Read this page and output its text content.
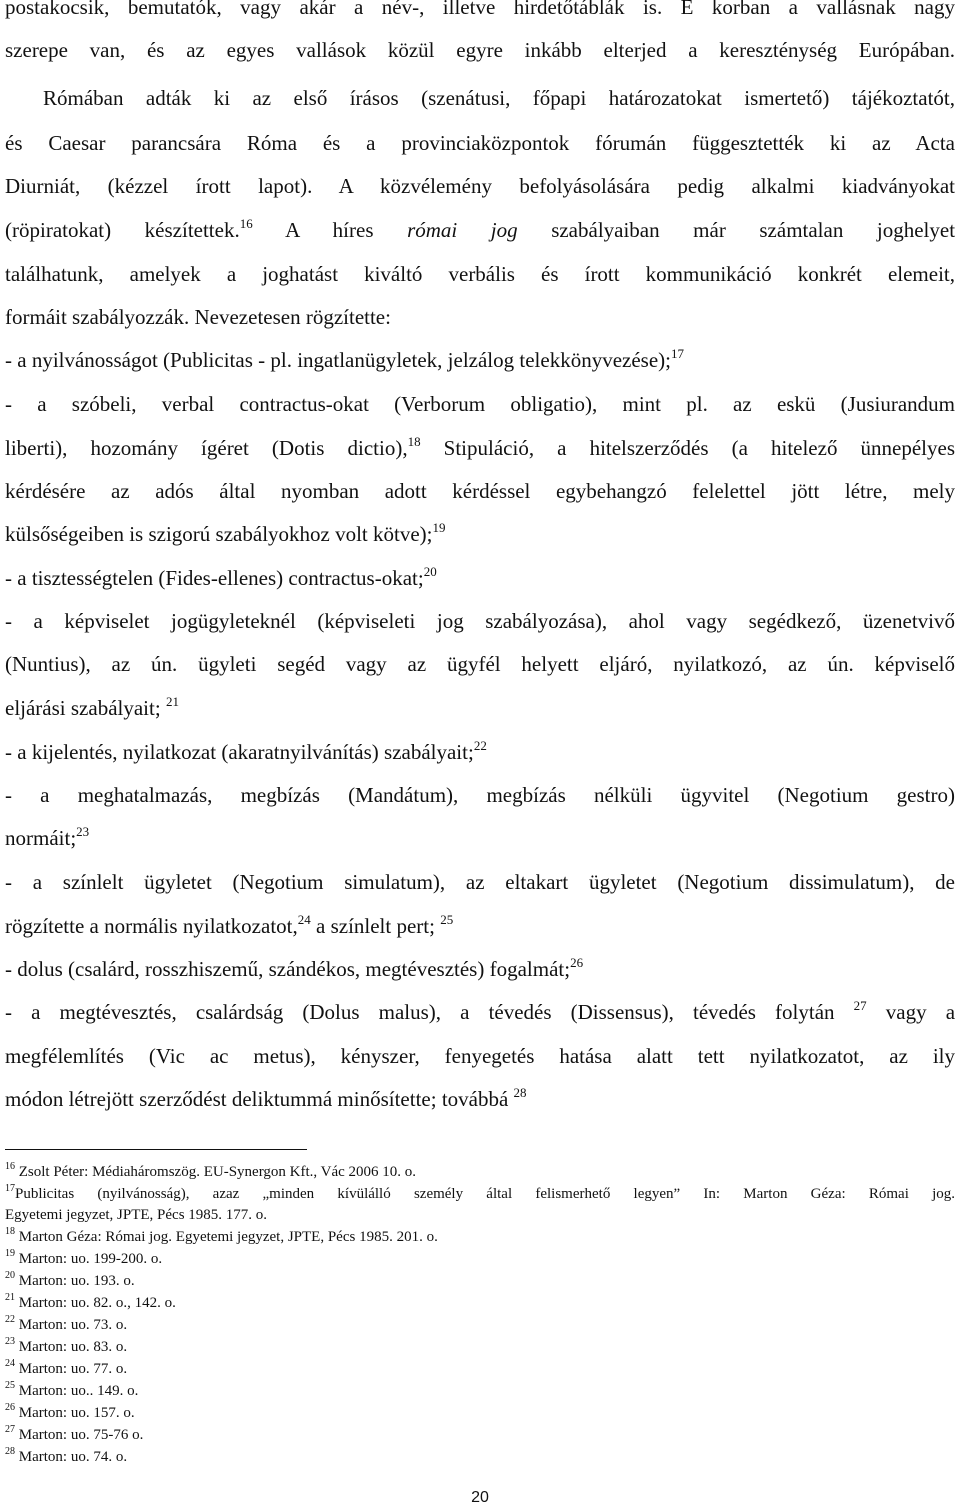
postakocsik, bemutatók, vagy akár a név-, illetve hirdetőtáblák is. E korban a vallásnak nagy

szerepe van, és az egyes vallások közül egyre inkább elterjed a kereszténység Európában.

Rómában adták ki az első írásos (szenátusi, főpapi határozatokat ismertető) tájékoztatót,

és Caesar parancsára Róma és a provinciaközpontok fórumán függesztették ki az Acta

Diurniát, (kézzel írott lapot). A közvélemény befolyásolására pedig alkalmi kiadványokat

(röpiratokat) készítettek.$^{16}$ A híres római jog szabályaiban már számtalan joghelyet

találhatunk, amelyek a joghatást kiváltó verbális és írott kommunikáció konkrét elemeit,

formáit szabályozzák. Nevezetesen rögzítette:

- a nyilvánosságot (Publicitas - pl. ingatlanügyletek, jelzálog telekkönyvezése);$^{17}$

- a szóbeli, verbal contractus-okat (Verborum obligatio), mint pl. az eskü (Jusiurandum

liberti), hozomány ígéret (Dotis dictio),$^{18}$ Stipuláció, a hitelszerződés (a hitelező ünnepélyes

kérdésére az adós által nyomban adott kérdéssel egybehangzó felelettel jött létre, mely

külsőségeiben is szigorú szabályokhoz volt kötve);$^{19}$

- a tisztességtelen (Fides-ellenes) contractus-okat;$^{20}$

- a képviselet jogügyleteknél (képviseleti jog szabályozása), ahol vagy segédkező, üzenetvivő

(Nuntius), az ún. ügyleti segéd vagy az ügyfél helyett eljáró, nyilatkozó, az ún. képviselő

eljárási szabályait; $^{21}$

- a kijelentés, nyilatkozat (akaratnyilvánítás) szabályait;$^{22}$

- a meghatalmazás, megbízás (Mandátum), megbízás nélküli ügyvitel (Negotium gestro)

normáit;$^{23}$

- a színlelt ügyletet (Negotium simulatum), az eltakart ügyletet (Negotium dissimulatum), de

rögzítette a normális nyilatkozatot,$^{24}$ a színlelt pert; $^{25}$

- dolus (csalárd, rosszhiszemű, szándékos, megtévesztés) fogalmát;$^{26}$

- a megtévesztés, csalárdság (Dolus malus), a tévedés (Dissensus), tévedés folytán $^{27}$ vagy a

megfélemlítés (Vic ac metus), kényszer, fenyegetés hatása alatt tett nyilatkozatot, az ily

módon létrejött szerződést deliktummá minősítette; továbbá $^{28}$

$^{16}$ Zsolt Péter: Médiaháromszög. EU-Synergon Kft., Vác 2006 10. o.

$^{17}$Publicitas (nyilvánosság), azaz „minden kívülálló személy által felismerhető legyen” In: Marton Géza: Római jog.

Egyetemi jegyzet, JPTE, Pécs 1985. 177. o.

$^{18}$ Marton Géza: Római jog. Egyetemi jegyzet, JPTE, Pécs 1985. 201. o.

$^{19}$ Marton: uo. 199-200. o.

$^{20}$ Marton: uo. 193. o.

$^{21}$ Marton: uo. 82. o., 142. o.

$^{22}$ Marton: uo. 73. o.

$^{23}$ Marton: uo. 83. o.

$^{24}$ Marton: uo. 77. o.

$^{25}$ Marton: uo.. 149. o.

$^{26}$ Marton: uo. 157. o.

$^{27}$ Marton: uo. 75-76 o.

$^{28}$ Marton: uo. 74. o.

20
